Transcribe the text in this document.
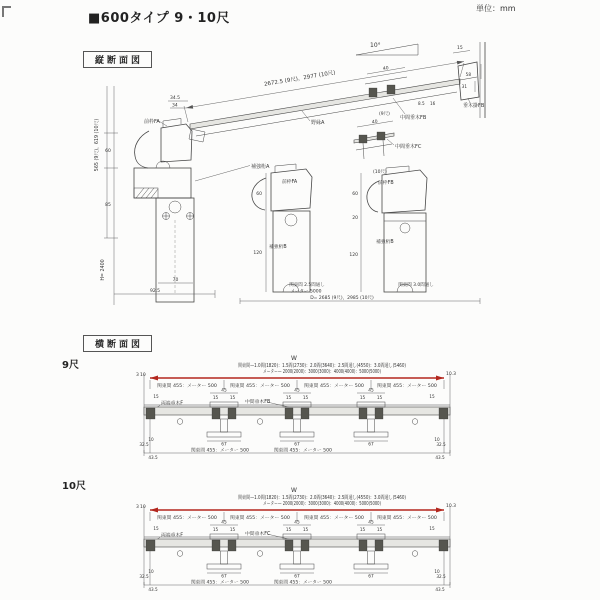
■600タイプ 9・10尺
単位：mm
縦断面図
10°
2672.5 (9尺)，2977 (10尺)
15
58
31
8.5 16	垂木掛FB
40
(9尺)
中間垂木FB
40
中間垂木FC
(10尺)
野縁A
前枠FA
34.5
34
565 (9尺)，619 (10尺) 60
85
H= 2400
補強桁A
70
92.5
60
120
前枠FA
補強桁B
関東間 2.5間通し
メーター 5000
D= 2685 (9尺)，2985 (10尺)
60
20
120
前枠FB
補強桁B
関東間 3.0間通し
横断面図
9尺
10尺
W
関東間—1.0間(1820)：1.5間(2730)：2.0間(3640)：2.5間通し(4550)：3.0間通し(5460)
メーター— 2000(2000)：3000(3000)：4000(4000)：5000(5000)
3 10	10.3
関東間 455：メーター 500	関東間 455：メーター 500	関東間 455：メーター 500	関東間 455：メーター 500
15	15
45
15	15
45
15	15
45
15	15
両端垂木F	中間垂木FB
67	67	67
10
32.5
43.5
10
32.5
43.5
関東間 455：メーター 500	関東間 455：メーター 500
W
関東間—1.0間(1820)：1.5間(2730)：2.0間(3640)：2.5間通し(4550)：3.0間通し(5460)
メーター— 2000(2000)：3000(3000)：4000(4000)：5000(5000)
3 10	10.3
関東間 455：メーター 500	関東間 455：メーター 500	関東間 455：メーター 500	関東間 455：メーター 500
15	15
45
15	15
45
15	15
45
15	15
両端垂木F	中間垂木FC
67	67	67
10
32.5
43.5
10
32.5
43.5
関東間 455：メーター 500	関東間 455：メーター 500
